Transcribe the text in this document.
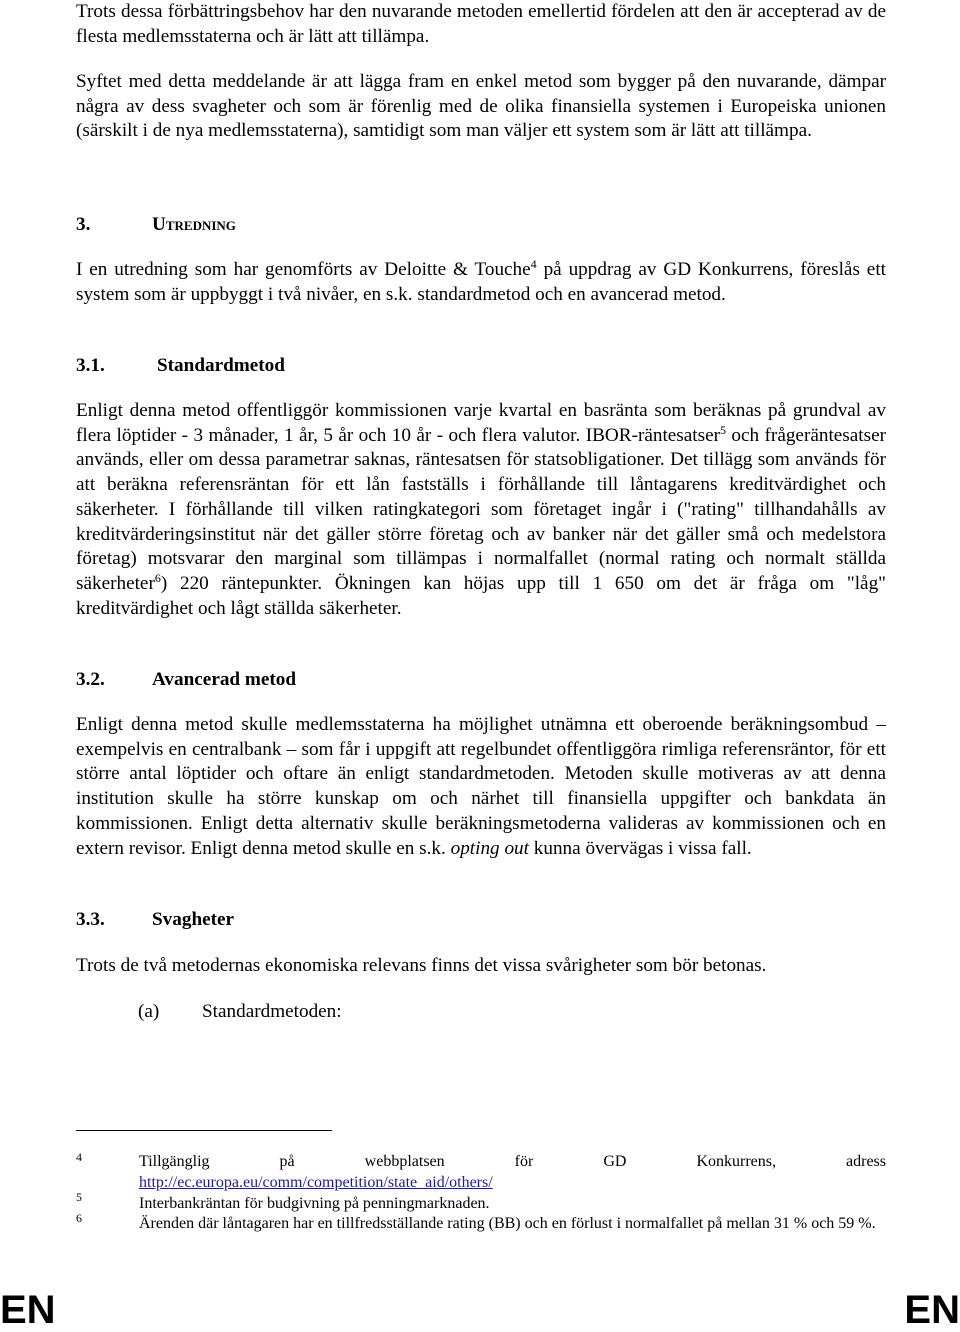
Trots dessa förbättringsbehov har den nuvarande metoden emellertid fördelen att den är accepterad av de flesta medlemsstaterna och är lätt att tillämpa.

Syftet med detta meddelande är att lägga fram en enkel metod som bygger på den nuvarande, dämpar några av dess svagheter och som är förenlig med de olika finansiella systemen i Europeiska unionen (särskilt i de nya medlemsstaterna), samtidigt som man väljer ett system som är lätt att tillämpa.

3.	Utredning

I en utredning som har genomförts av Deloitte & Touche$^4$ på uppdrag av GD Konkurrens, föreslås ett system som är uppbyggt i två nivåer, en s.k. standardmetod och en avancerad metod.

3.1.	Standardmetod

Enligt denna metod offentliggör kommissionen varje kvartal en basränta som beräknas på grundval av flera löptider - 3 månader, 1 år, 5 år och 10 år - och flera valutor. IBOR-räntesatser$^5$ och frågeräntesatser används, eller om dessa parametrar saknas, räntesatsen för statsobligationer. Det tillägg som används för att beräkna referensräntan för ett lån fastställs i förhållande till låntagarens kreditvärdighet och säkerheter. I förhållande till vilken ratingkategori som företaget ingår i ("rating" tillhandahålls av kreditvärderingsinstitut när det gäller större företag och av banker när det gäller små och medelstora företag) motsvarar den marginal som tillämpas i normalfallet (normal rating och normalt ställda säkerheter$^6$) 220 räntepunkter. Ökningen kan höjas upp till 1 650 om det är fråga om "låg" kreditvärdighet och lågt ställda säkerheter.

3.2. Avancerad metod

Enligt denna metod skulle medlemsstaterna ha möjlighet utnämna ett oberoende beräkningsombud – exempelvis en centralbank – som får i uppgift att regelbundet offentliggöra rimliga referensräntor, för ett större antal löptider och oftare än enligt standardmetoden. Metoden skulle motiveras av att denna institution skulle ha större kunskap om och närhet till finansiella uppgifter och bankdata än kommissionen. Enligt detta alternativ skulle beräkningsmetoderna valideras av kommissionen och en extern revisor. Enligt denna metod skulle en s.k. opting out kunna övervägas i vissa fall.

3.3. Svagheter

Trots de två metodernas ekonomiska relevans finns det vissa svårigheter som bör betonas.

(a) Standardmetoden:
4	Tillgänglig på webbplatsen för GD Konkurrens, adress
http://ec.europa.eu/comm/competition/state_aid/others/
5	Interbankräntan för budgivning på penningmarknaden.
6	Ärenden där låntagaren har en tillfredsställande rating (BB) och en förlust i normalfallet på mellan 31 % och 59 %.
EN	EN
